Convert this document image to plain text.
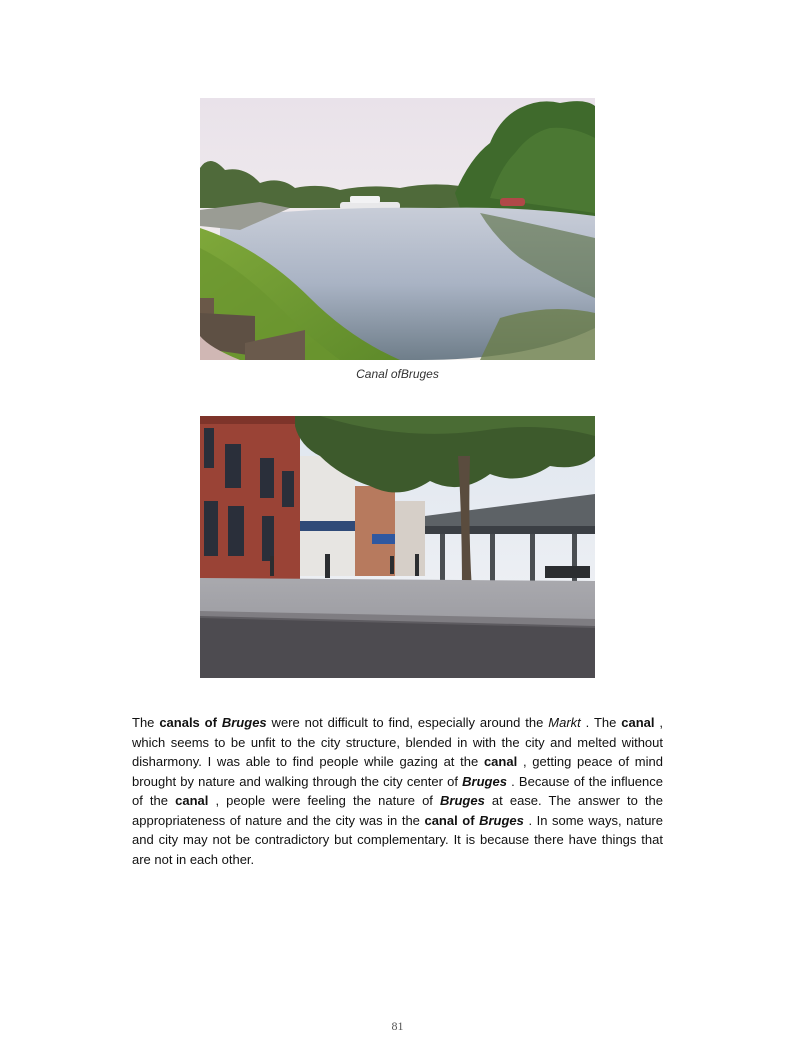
Canal ofBruges
The canals of Bruges were not difficult to find, especially around the Markt . The canal , which seems to be unfit to the city structure, blended in with the city and melted without disharmony. I was able to find people while gazing at the canal , getting peace of mind brought by nature and walking through the city center of Bruges . Because of the influence of the canal , people were feeling the nature of Bruges at ease. The answer to the appropriateness of nature and the city was in the canal of Bruges . In some ways, nature and city may not be contradictory but complementary. It is because there have things that are not in each other.
81
